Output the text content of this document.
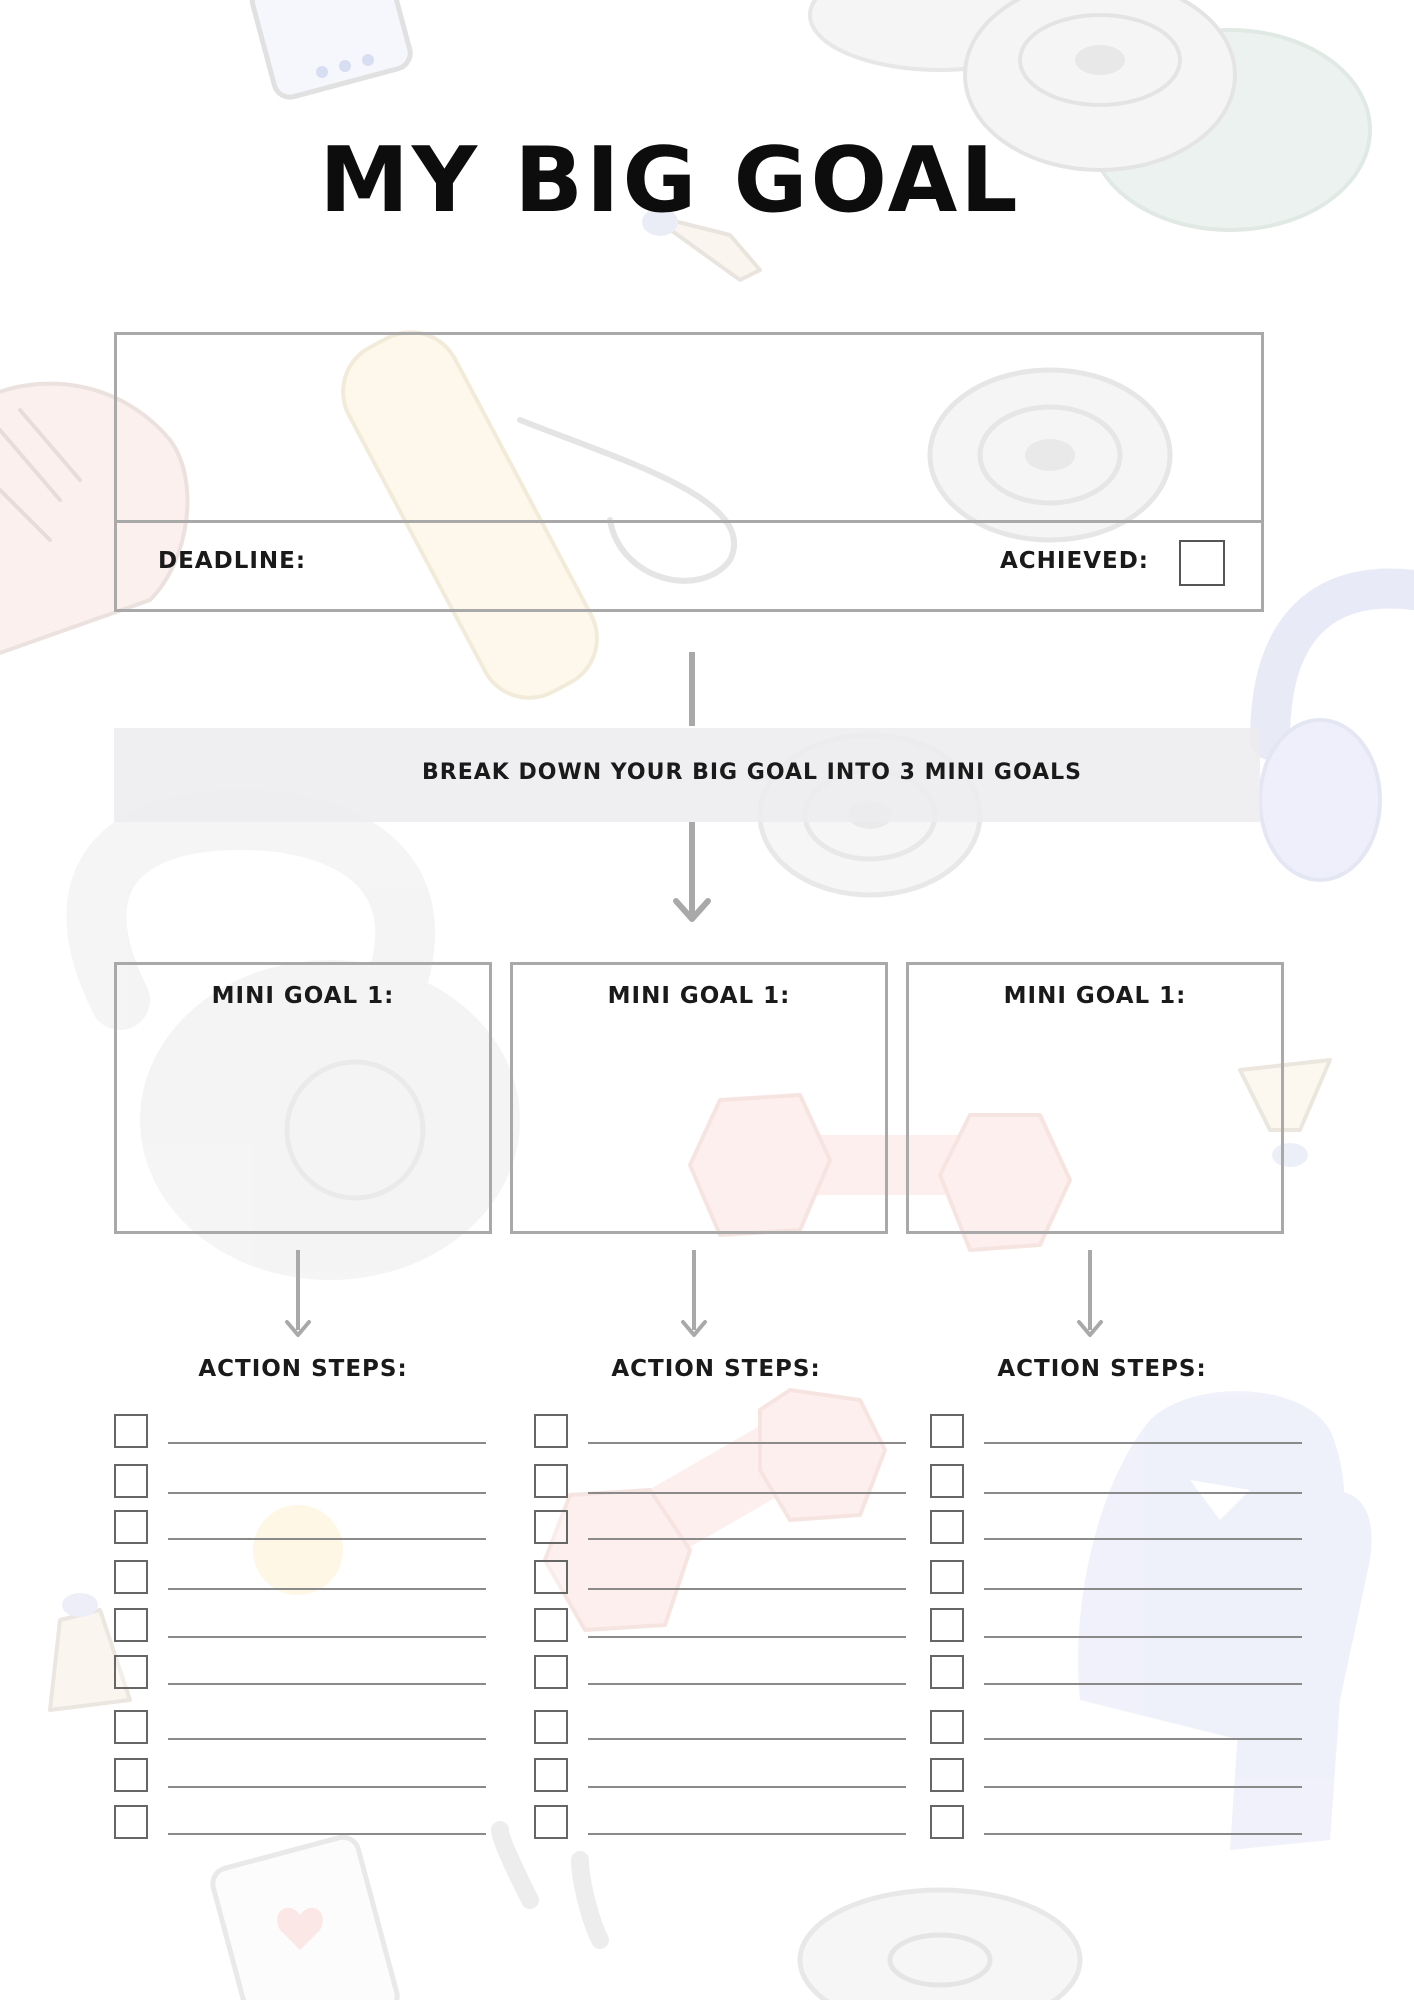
MY BIG GOAL
DEADLINE:	ACHIEVED:
BREAK DOWN YOUR BIG GOAL INTO 3 MINI GOALS
MINI GOAL 1:	MINI GOAL 1:	MINI GOAL 1:
ACTION STEPS:	ACTION STEPS:	ACTION STEPS:
